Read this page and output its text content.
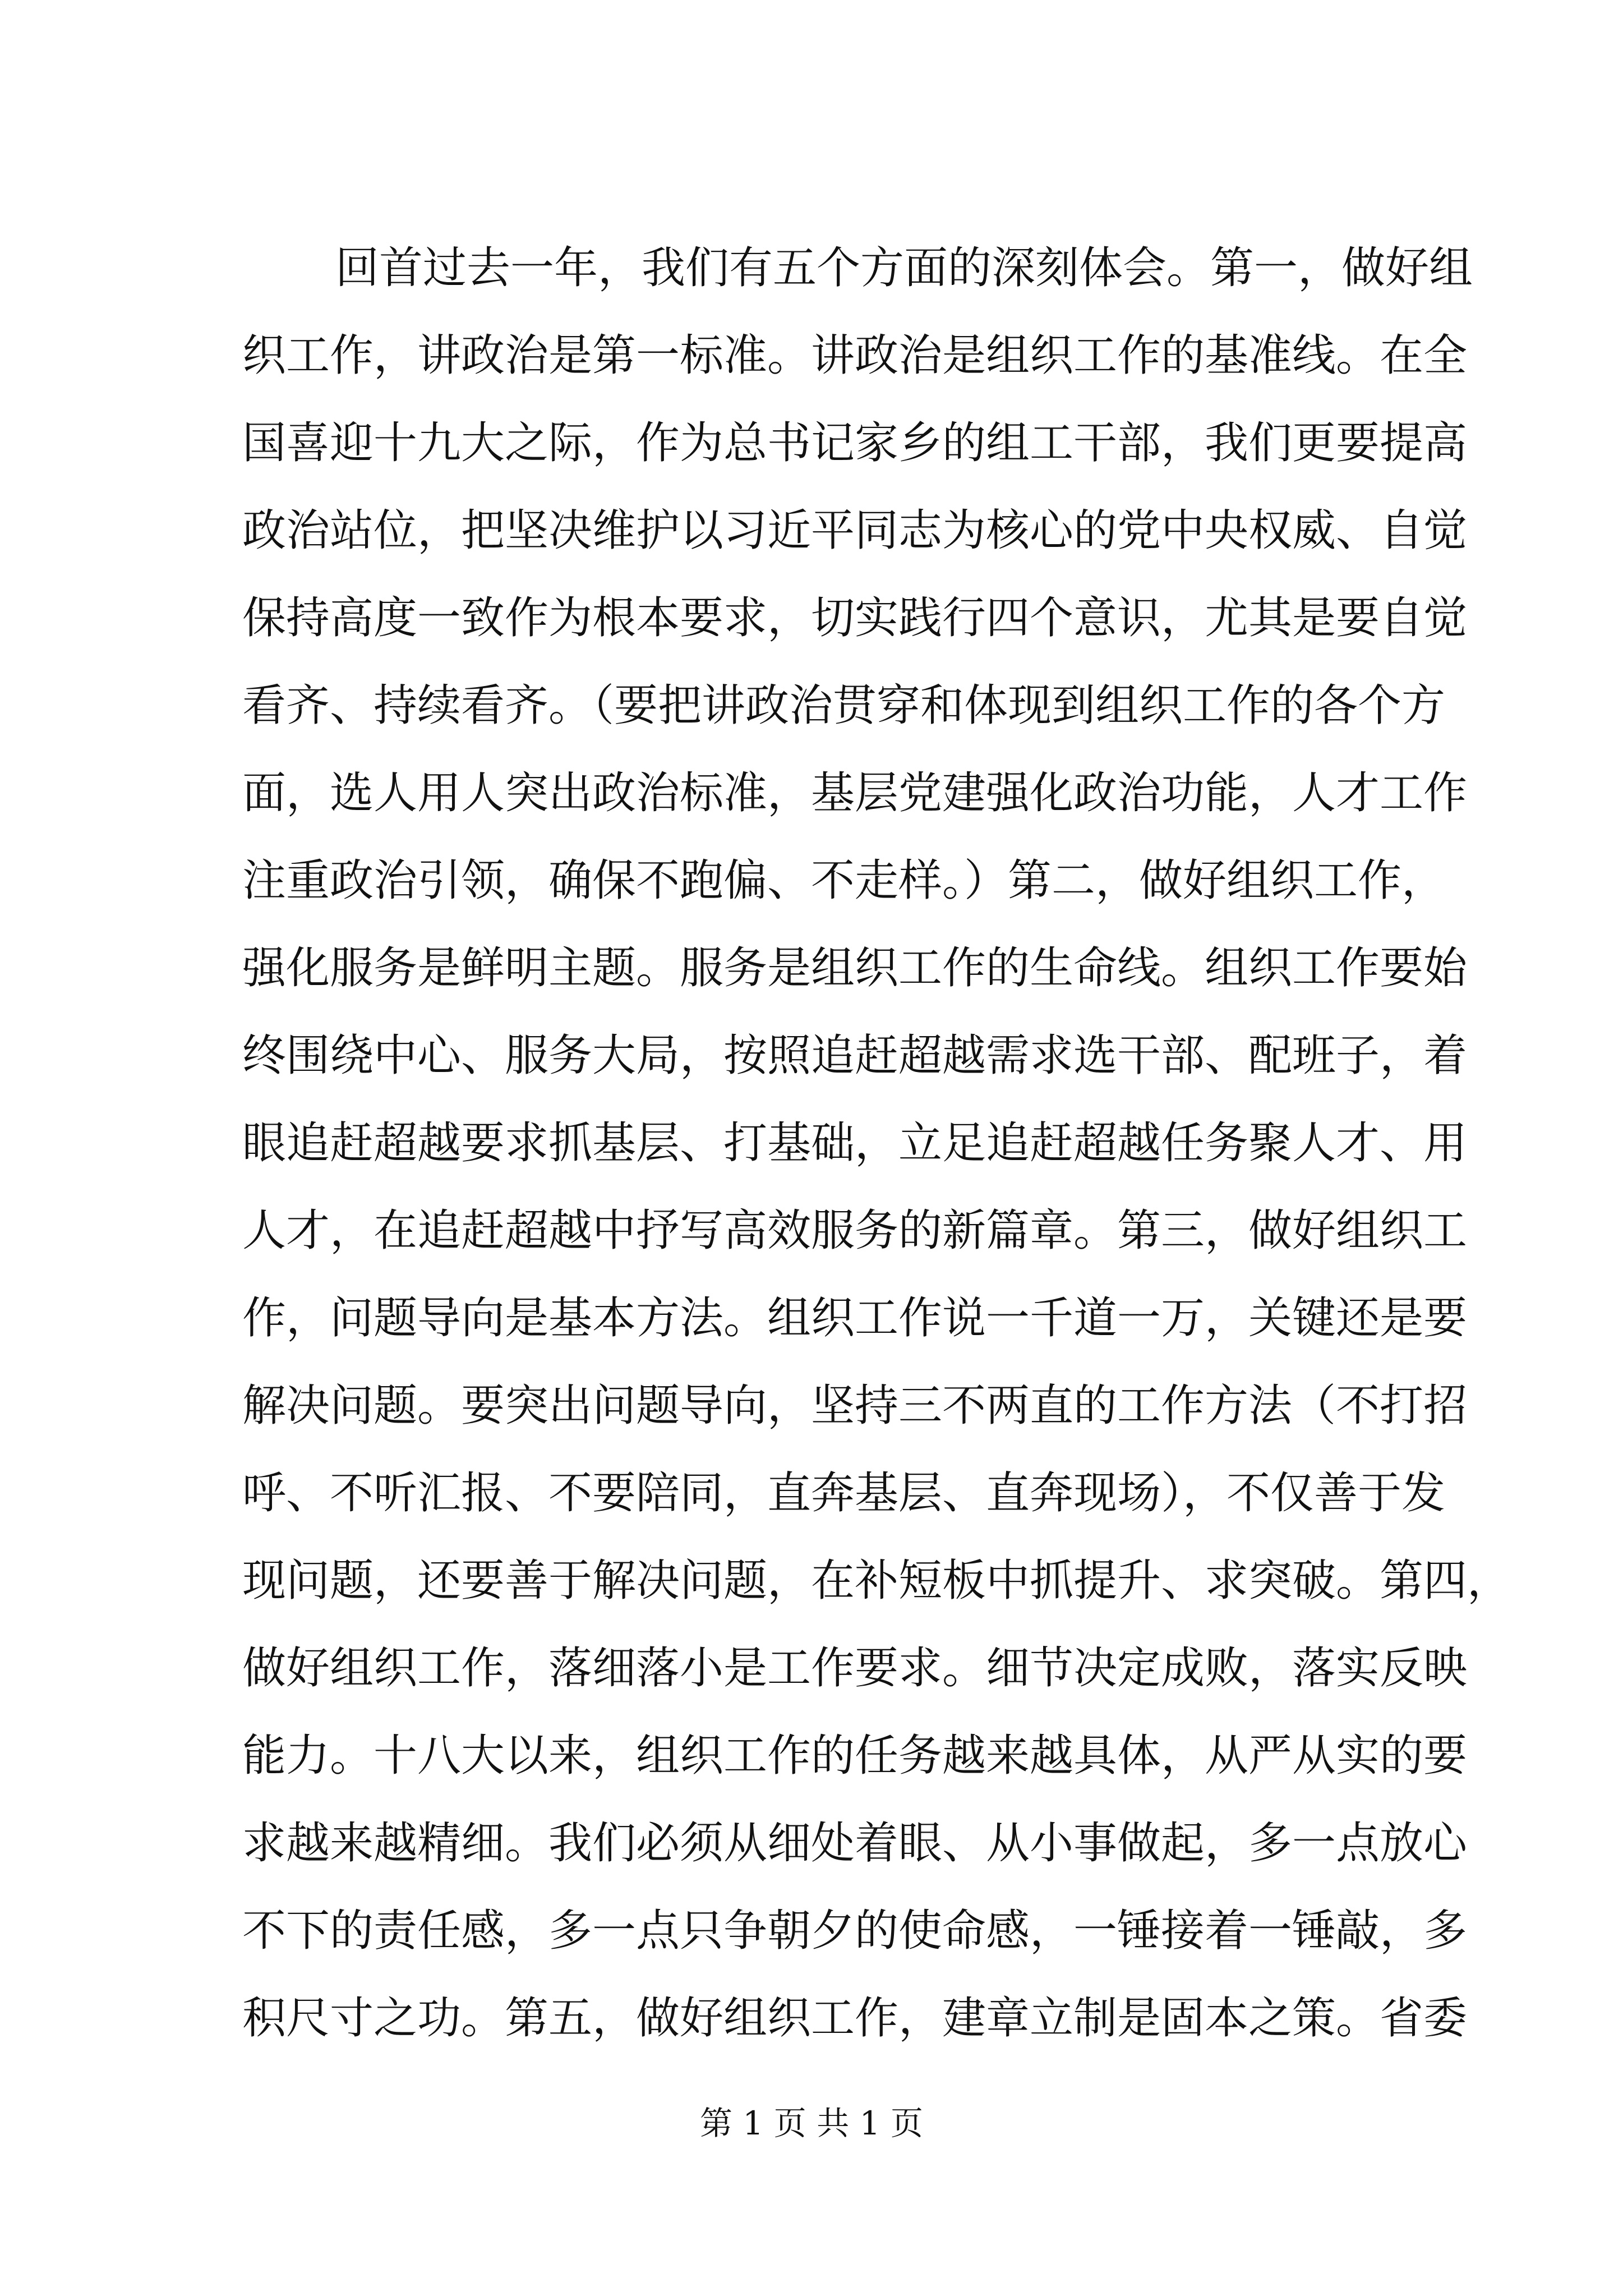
回首过去一年，我们有五个方面的深刻体会。第一，做好组
织工作，讲政治是第一标准。讲政治是组织工作的基准线。在全
国喜迎十九大之际，作为总书记家乡的组工干部，我们更要提高
政治站位，把坚决维护以习近平同志为核心的党中央权威、自觉
保持高度一致作为根本要求，切实践行四个意识，尤其是要自觉
看齐、持续看齐。（要把讲政治贯穿和体现到组织工作的各个方
面，选人用人突出政治标准，基层党建强化政治功能，人才工作
注重政治引领，确保不跑偏、不走样。）第二，做好组织工作，
强化服务是鲜明主题。服务是组织工作的生命线。组织工作要始
终围绕中心、服务大局，按照追赶超越需求选干部、配班子，着
眼追赶超越要求抓基层、打基础，立足追赶超越任务聚人才、用
人才，在追赶超越中抒写高效服务的新篇章。第三，做好组织工
作，问题导向是基本方法。组织工作说一千道一万，关键还是要
解决问题。要突出问题导向，坚持三不两直的工作方法（不打招
呼、不听汇报、不要陪同，直奔基层、直奔现场），不仅善于发
现问题，还要善于解决问题，在补短板中抓提升、求突破。第四，
做好组织工作，落细落小是工作要求。细节决定成败，落实反映
能力。十八大以来，组织工作的任务越来越具体，从严从实的要
求越来越精细。我们必须从细处着眼、从小事做起，多一点放心
不下的责任感，多一点只争朝夕的使命感，一锤接着一锤敲，多
积尺寸之功。第五，做好组织工作，建章立制是固本之策。省委
第 1 页 共 1 页
